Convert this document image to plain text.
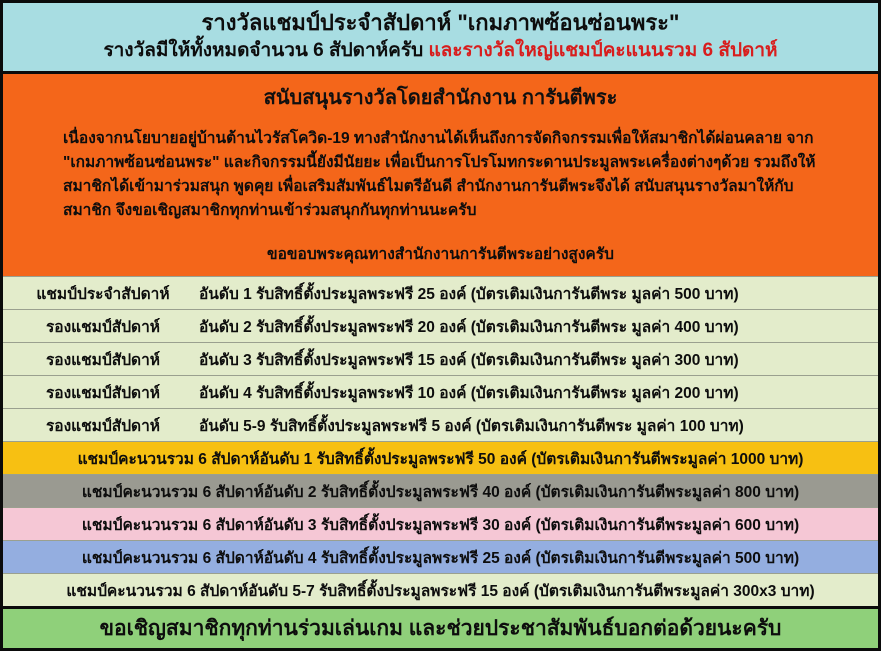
รางวัลแชมป์ประจำสัปดาห์ "เกมภาพซ้อนซ่อนพระ"
รางวัลมีให้ทั้งหมดจำนวน 6 สัปดาห์ครับ และรางวัลใหญ่แชมป์คะแนนรวม 6 สัปดาห์
สนับสนุนรางวัลโดยสำนักงาน การันตีพระ
เนื่องจากนโยบายอยู่บ้านต้านไวรัสโควิด-19 ทางสำนักงานได้เห็นถึงการจัดกิจกรรมเพื่อให้สมาชิกได้ผ่อนคลาย จาก "เกมภาพซ้อนซ่อนพระ" และกิจกรรมนี้ยังมีนัยยะ เพื่อเป็นการโปรโมทกระดานประมูลพระเครื่องต่างๆด้วย รวมถึงให้สมาชิกได้เข้ามาร่วมสนุก พูดคุย เพื่อเสริมสัมพันธ์ไมตรีอันดี สำนักงานการันตีพระจึงได้ สนับสนุนรางวัลมาให้กับสมาชิก จึงขอเชิญสมาชิกทุกท่านเข้าร่วมสนุกกันทุกท่านนะครับ
ขอขอบพระคุณทางสำนักงานการันตีพระอย่างสูงครับ
แชมป์ประจำสัปดาห์	อันดับ 1 รับสิทธิ์ตั้งประมูลพระฟรี 25 องค์ (บัตรเติมเงินการันตีพระ มูลค่า 500 บาท)
รองแชมป์สัปดาห์	อันดับ 2 รับสิทธิ์ตั้งประมูลพระฟรี 20 องค์ (บัตรเติมเงินการันตีพระ มูลค่า 400 บาท)
รองแชมป์สัปดาห์	อันดับ 3 รับสิทธิ์ตั้งประมูลพระฟรี 15 องค์ (บัตรเติมเงินการันตีพระ มูลค่า 300 บาท)
รองแชมป์สัปดาห์	อันดับ 4 รับสิทธิ์ตั้งประมูลพระฟรี 10 องค์ (บัตรเติมเงินการันตีพระ มูลค่า 200 บาท)
รองแชมป์สัปดาห์	อันดับ 5-9 รับสิทธิ์ตั้งประมูลพระฟรี 5 องค์ (บัตรเติมเงินการันตีพระ มูลค่า 100 บาท)
แชมป์คะนวนรวม 6 สัปดาห์อันดับ 1 รับสิทธิ์ตั้งประมูลพระฟรี 50 องค์ (บัตรเติมเงินการันตีพระมูลค่า 1000 บาท)
แชมป์คะนวนรวม 6 สัปดาห์อันดับ 2 รับสิทธิ์ตั้งประมูลพระฟรี 40 องค์ (บัตรเติมเงินการันตีพระมูลค่า 800 บาท)
แชมป์คะนวนรวม 6 สัปดาห์อันดับ 3 รับสิทธิ์ตั้งประมูลพระฟรี 30 องค์ (บัตรเติมเงินการันตีพระมูลค่า 600 บาท)
แชมป์คะนวนรวม 6 สัปดาห์อันดับ 4 รับสิทธิ์ตั้งประมูลพระฟรี 25 องค์ (บัตรเติมเงินการันตีพระมูลค่า 500 บาท)
แชมป์คะนวนรวม 6 สัปดาห์อันดับ 5-7 รับสิทธิ์ตั้งประมูลพระฟรี 15 องค์ (บัตรเติมเงินการันตีพระมูลค่า 300x3 บาท)
ขอเชิญสมาชิกทุกท่านร่วมเล่นเกม และช่วยประชาสัมพันธ์บอกต่อด้วยนะครับ
